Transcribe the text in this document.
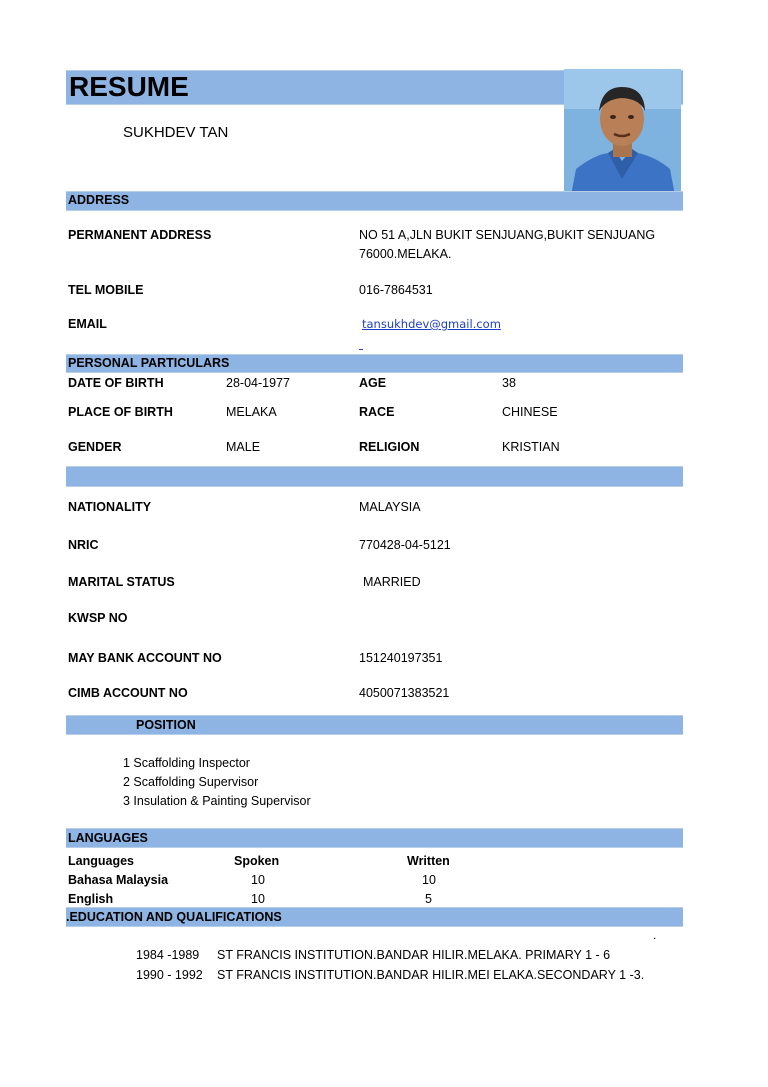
RESUME
SUKHDEV TAN
ADDRESS
PERMANENT ADDRESS	NO 51 A,JLN BUKIT SENJUANG,BUKIT SENJUANG
76000.MELAKA.
TEL MOBILE	016-7864531
EMAIL	tansukhdev@gmail.com
PERSONAL PARTICULARS
DATE OF BIRTH	28-04-1977	AGE	38
PLACE OF BIRTH	MELAKA	RACE	CHINESE
GENDER	MALE	RELIGION	KRISTIAN
NATIONALITY	MALAYSIA
NRIC	770428-04-5121
MARITAL STATUS	MARRIED
KWSP NO
MAY BANK ACCOUNT NO	151240197351
CIMB ACCOUNT NO	4050071383521
POSITION
1 Scaffolding Inspector
2 Scaffolding Supervisor
3 Insulation & Painting Supervisor
LANGUAGES
Languages	Spoken	Written
Bahasa Malaysia	10	10
English	10	5
.EDUCATION AND QUALIFICATIONS
.
1984 -1989 ST FRANCIS INSTITUTION.BANDAR HILIR.MELAKA. PRIMARY 1 - 6
1990 - 1992 ST FRANCIS INSTITUTION.BANDAR HILIR.MEI ELAKA.SECONDARY 1 -3.
